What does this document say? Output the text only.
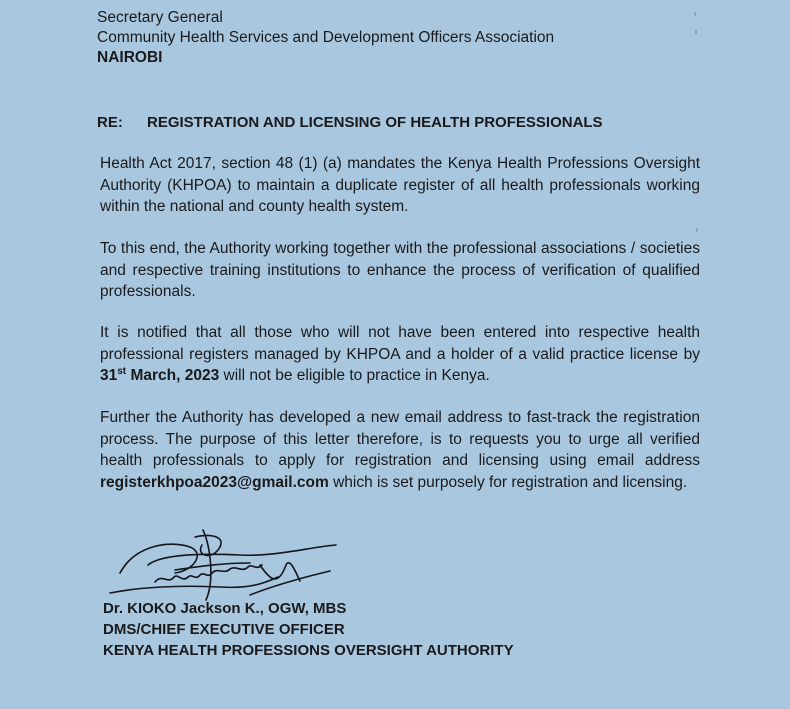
Secretary General
Community Health Services and Development Officers Association
NAIROBI
RE: REGISTRATION AND LICENSING OF HEALTH PROFESSIONALS
Health Act 2017, section 48 (1) (a) mandates the Kenya Health Professions Oversight Authority (KHPOA) to maintain a duplicate register of all health professionals working within the national and county health system.
To this end, the Authority working together with the professional associations / societies and respective training institutions to enhance the process of verification of qualified professionals.
It is notified that all those who will not have been entered into respective health professional registers managed by KHPOA and a holder of a valid practice license by 31st March, 2023 will not be eligible to practice in Kenya.
Further the Authority has developed a new email address to fast-track the registration process. The purpose of this letter therefore, is to requests you to urge all verified health professionals to apply for registration and licensing using email address registerkhpoa2023@gmail.com which is set purposely for registration and licensing.
Dr. KIOKO Jackson K., OGW, MBS
DMS/CHIEF EXECUTIVE OFFICER
KENYA HEALTH PROFESSIONS OVERSIGHT AUTHORITY
